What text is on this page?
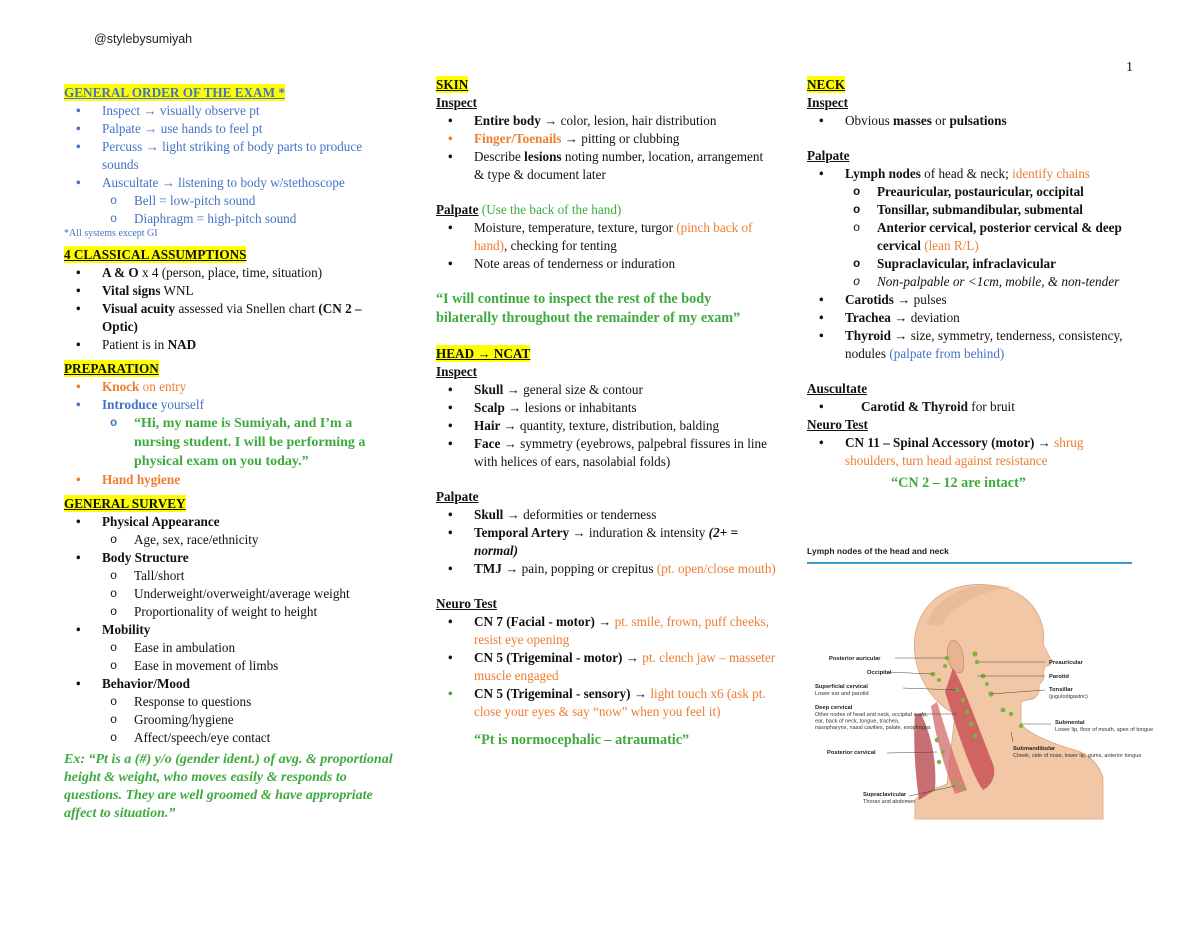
@stylebysumiyah
1
GENERAL ORDER OF THE EXAM *
• Inspect → visually observe pt
• Palpate → use hands to feel pt
• Percuss → light striking of body parts to produce sounds
• Auscultate → listening to body w/stethoscope
o Bell = low-pitch sound
o Diaphragm = high-pitch sound
*All systems except GI
4 CLASSICAL ASSUMPTIONS
• A & O x 4 (person, place, time, situation)
• Vital signs WNL
• Visual acuity assessed via Snellen chart (CN 2 – Optic)
• Patient is in NAD
PREPARATION
• Knock on entry
• Introduce yourself
o “Hi, my name is Sumiyah, and I’m a nursing student. I will be performing a physical exam on you today.”
• Hand hygiene
GENERAL SURVEY
• Physical Appearance
o Age, sex, race/ethnicity
• Body Structure
o Tall/short
o Underweight/overweight/average weight
o Proportionality of weight to height
• Mobility
o Ease in ambulation
o Ease in movement of limbs
• Behavior/Mood
o Response to questions
o Grooming/hygiene
o Affect/speech/eye contact
Ex: “Pt is a (#) y/o (gender ident.) of avg. & proportional height & weight, who moves easily & responds to questions. They are well groomed & have appropriate affect to situation.”
SKIN
Inspect
• Entire body → color, lesion, hair distribution
• Finger/Toenails → pitting or clubbing
• Describe lesions noting number, location, arrangement & type & document later
Palpate (Use the back of the hand)
• Moisture, temperature, texture, turgor (pinch back of hand), checking for tenting
• Note areas of tenderness or induration
“I will continue to inspect the rest of the body bilaterally throughout the remainder of my exam”
HEAD → NCAT
Inspect
• Skull → general size & contour
• Scalp → lesions or inhabitants
• Hair → quantity, texture, distribution, balding
• Face → symmetry (eyebrows, palpebral fissures in line with helices of ears, nasolabial folds)
Palpate
• Skull → deformities or tenderness
• Temporal Artery → induration & intensity (2+ = normal)
• TMJ → pain, popping or crepitus (pt. open/close mouth)
Neuro Test
• CN 7 (Facial - motor) → pt. smile, frown, puff cheeks, resist eye opening
• CN 5 (Trigeminal - motor) → pt. clench jaw – masseter muscle engaged
• CN 5 (Trigeminal - sensory) → light touch x6 (ask pt. close your eyes & say “now” when you feel it)
“Pt is normocephalic – atraumatic”
NECK
Inspect
• Obvious masses or pulsations
Palpate
• Lymph nodes of head & neck; identify chains
o Preauricular, postauricular, occipital
o Tonsillar, submandibular, submental
o Anterior cervical, posterior cervical & deep cervical (lean R/L)
o Supraclavicular, infraclavicular
o Non-palpable or <1cm, mobile, & non-tender
• Carotids → pulses
• Trachea → deviation
• Thyroid → size, symmetry, tenderness, consistency, nodules (palpate from behind)
Auscultate
• Carotid & Thyroid for bruit
Neuro Test
• CN 11 – Spinal Accessory (motor) → shrug shoulders, turn head against resistance
“CN 2 – 12 are intact”
Lymph nodes of the head and neck
Posterior auricular
Occipital
Superficial cervical
Lower ear and parotid
Deep cervical
Other nodes of head and neck, occipital scalp, ear, back of neck, tongue, trachea, nasopharynx, nasal cavities, palate, esophagus
Posterior cervical
Supraclavicular
Thorax and abdomen
Preauricular
Parotid
Tonsillar
(jugulodigastric)
Submental
Lower lip, floor of mouth, apex of tongue
Submandibular
Cheek, side of nose, lower lip, gums, anterior tongue
